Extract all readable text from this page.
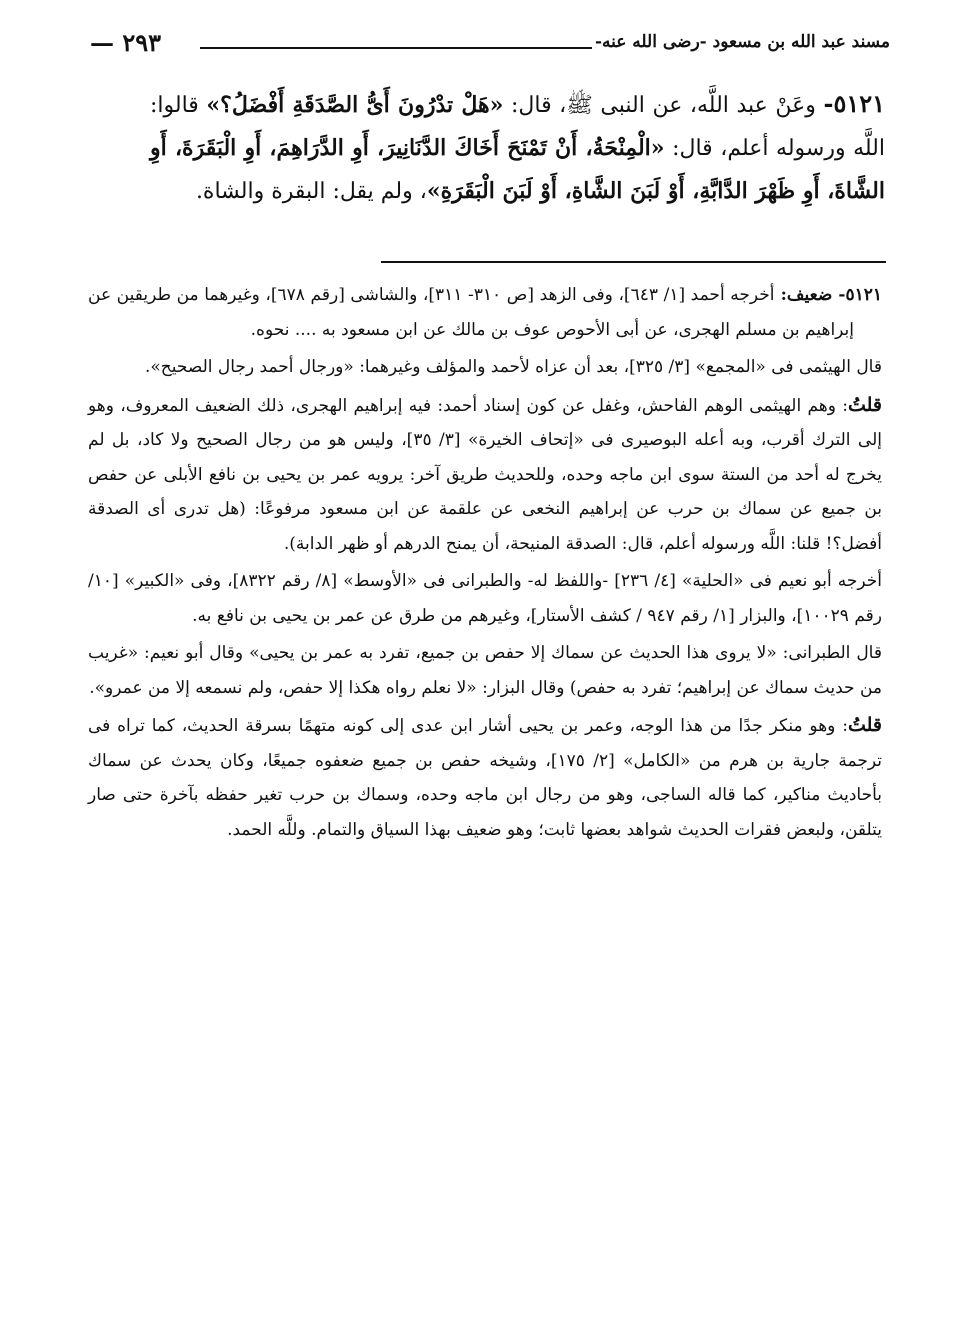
مسند عبد الله بن مسعود -رضى الله عنه-
٢٩٣ —
٥١٢١- وعَنْ عبد اللَّه، عن النبى ﷺ، قال: «هَلْ تدْرُونَ أَىُّ الصَّدَقَةِ أَفْضَلُ؟» قالوا: اللَّه ورسوله أعلم، قال: «الْمِنْحَةُ، أَنْ تَمْنَحَ أَخَاكَ الدَّنَانِيرَ، أَوِ الدَّرَاهِمَ، أَوِ الْبَقَرَةَ، أَوِ الشَّاةَ، أَوِ ظَهْرَ الدَّابَّةِ، أَوْ لَبَنَ الشَّاةِ، أَوْ لَبَنَ الْبَقَرَةِ»، ولم يقل: البقرة والشاة.

٥١٢١- ضعيف: أخرجه أحمد [١/ ٦٤٣]، وفى الزهد [ص ٣١٠- ٣١١]، والشاشى [رقم ٦٧٨]، وغيرهما من طريقين عن إبراهيم بن مسلم الهجرى، عن أبى الأحوص عوف بن مالك عن ابن مسعود به .... نحوه.

قال الهيثمى فى «المجمع» [٣/ ٣٢٥]، بعد أن عزاه لأحمد والمؤلف وغيرهما: «ورجال أحمد رجال الصحيح».

قلتُ: وهم الهيثمى الوهم الفاحش، وغفل عن كون إسناد أحمد: فيه إبراهيم الهجرى، ذلك الضعيف المعروف، وهو إلى الترك أقرب، وبه أعله البوصيرى فى «إتحاف الخيرة» [٣/ ٣٥]، وليس هو من رجال الصحيح ولا كاد، بل لم يخرج له أحد من الستة سوى ابن ماجه وحده، وللحديث طريق آخر: يرويه عمر بن يحيى بن نافع الأبلى عن حفص بن جميع عن سماك بن حرب عن إبراهيم النخعى عن علقمة عن ابن مسعود مرفوعًا: (هل تدرى أى الصدقة أفضل؟! قلنا: اللَّه ورسوله أعلم، قال: الصدقة المنيحة، أن يمنح الدرهم أو ظهر الدابة).

أخرجه أبو نعيم فى «الحلية» [٤/ ٢٣٦] -واللفظ له- والطبرانى فى «الأوسط» [٨/ رقم ٨٣٢٢]، وفى «الكبير» [١٠/ رقم ١٠٠٢٩]، والبزار [١/ رقم ٩٤٧ / كشف الأستار]، وغيرهم من طرق عن عمر بن يحيى بن نافع به.

قال الطبرانى: «لا يروى هذا الحديث عن سماك إلا حفص بن جميع، تفرد به عمر بن يحيى» وقال أبو نعيم: «غريب من حديث سماك عن إبراهيم؛ تفرد به حفص) وقال البزار: «لا نعلم رواه هكذا إلا حفص، ولم نسمعه إلا من عمرو».

قلتُ: وهو منكر جدًا من هذا الوجه، وعمر بن يحيى أشار ابن عدى إلى كونه متهمًا بسرقة الحديث، كما تراه فى ترجمة جارية بن هرم من «الكامل» [٢/ ١٧٥]، وشيخه حفص بن جميع ضعفوه جميعًا، وكان يحدث عن سماك بأحاديث مناكير، كما قاله الساجى، وهو من رجال ابن ماجه وحده، وسماك بن حرب تغير حفظه بآخرة حتى صار يتلقن، ولبعض فقرات الحديث شواهد بعضها ثابت؛ وهو ضعيف بهذا السياق والتمام. وللَّه الحمد.
